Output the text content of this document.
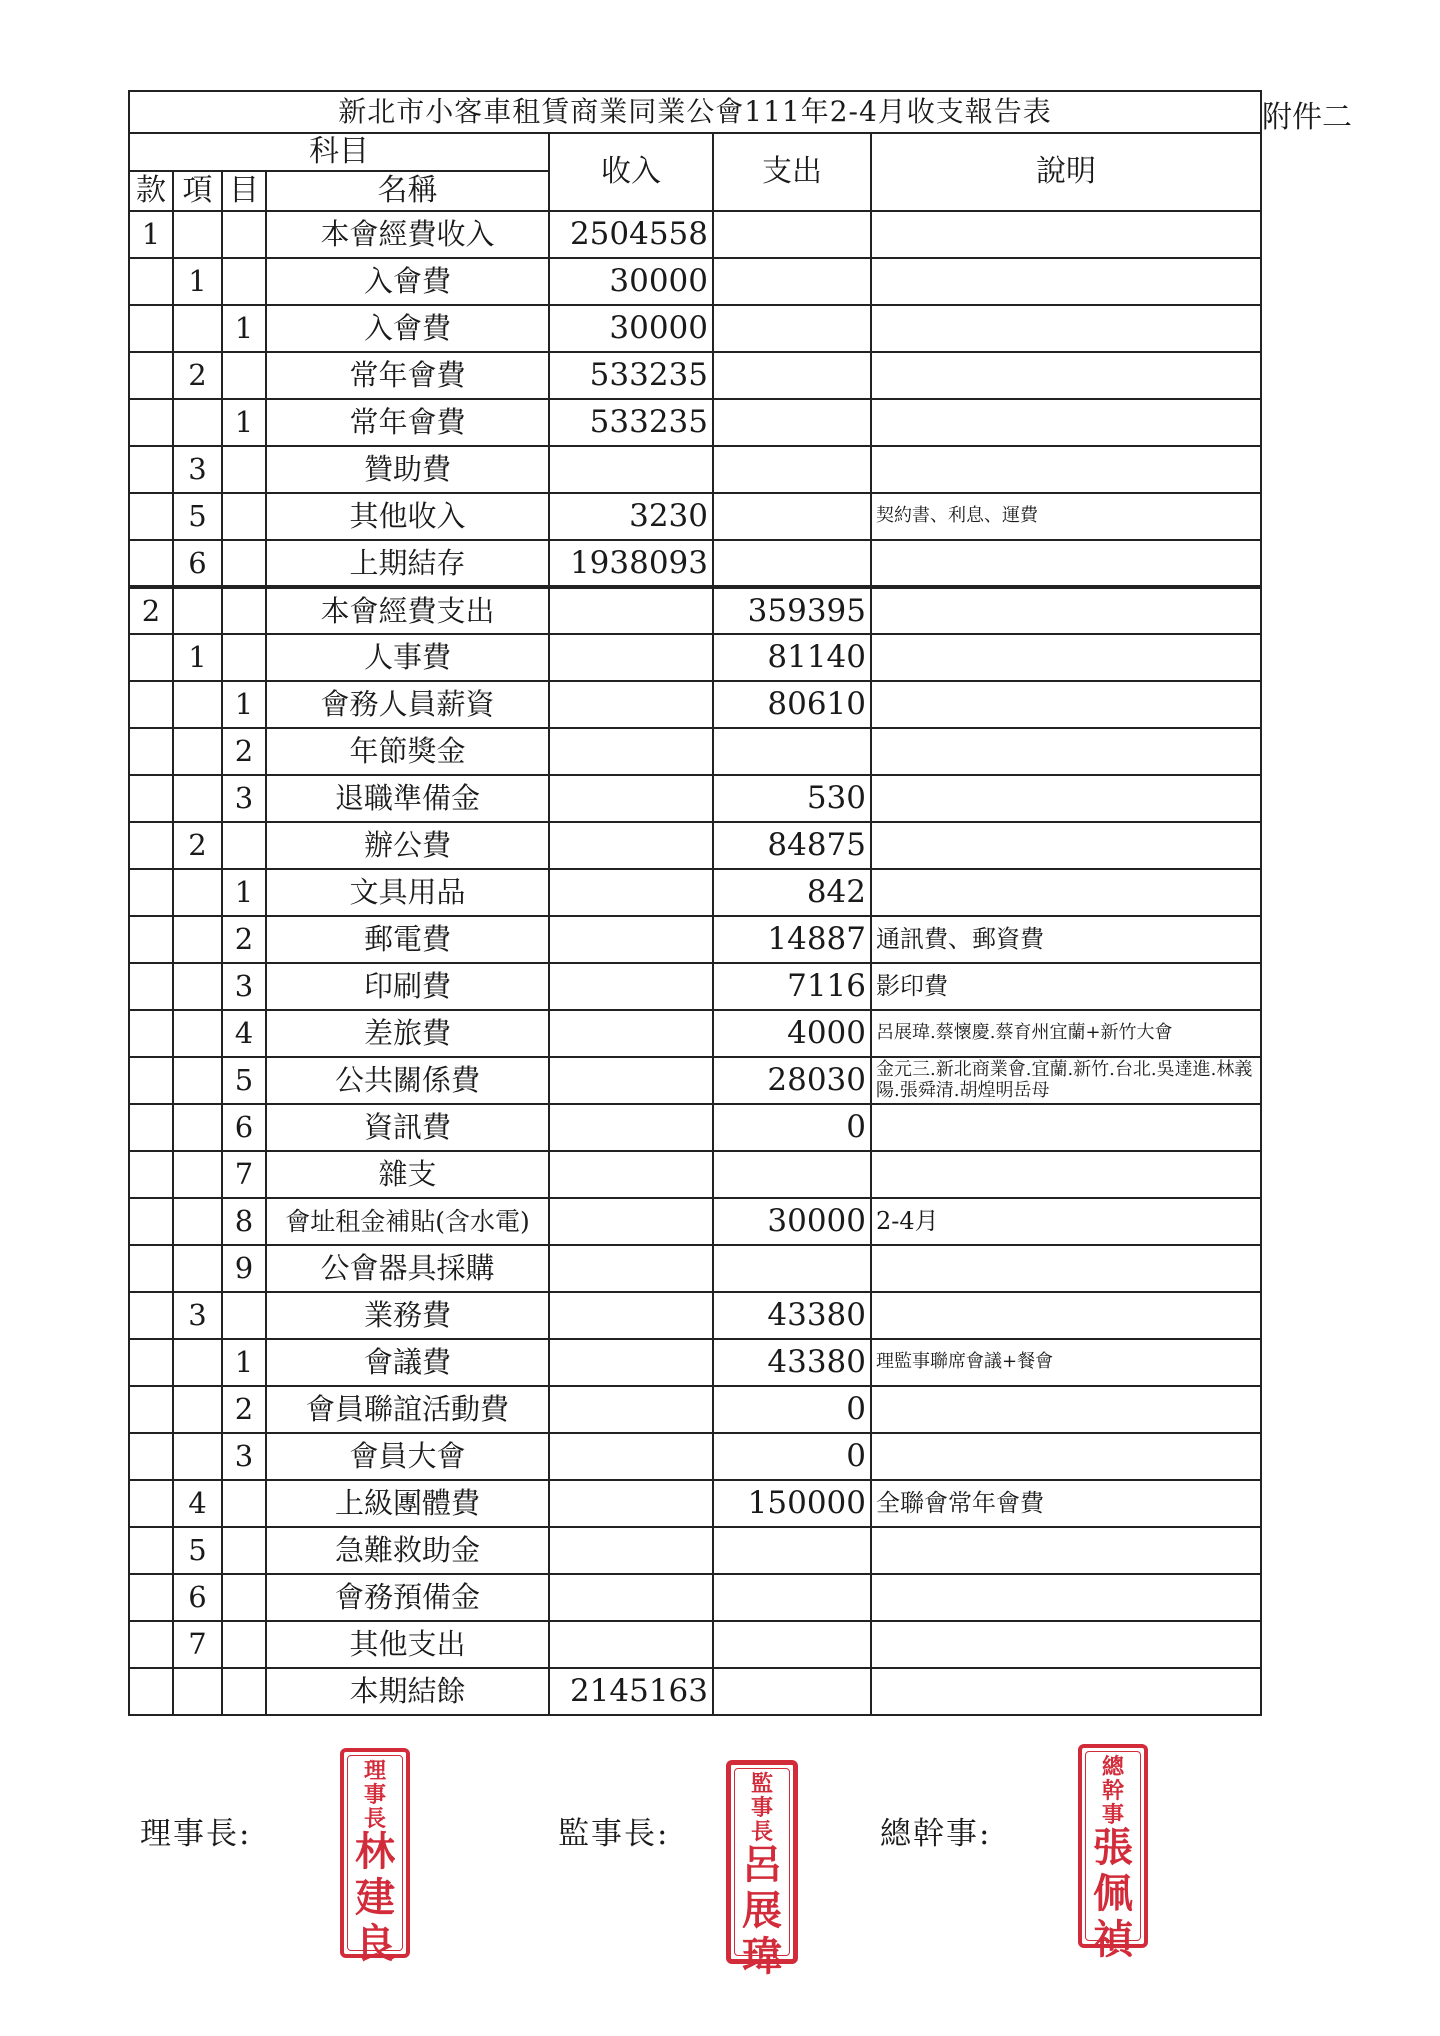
附件二
新北市小客車租賃商業同業公會111年2-4月收支報告表						
科目				收入	支出	說明
款	項	目	名稱			
1			本會經費收入	2504558		
	1		入會費	30000		
		1	入會費	30000		
	2		常年會費	533235		
		1	常年會費	533235		
	3		贊助費			
	5		其他收入	3230		契約書、利息、運費
	6		上期結存	1938093		
2			本會經費支出		359395	
	1		人事費		81140	
		1	會務人員薪資		80610	
		2	年節獎金			
		3	退職準備金		530	
	2		辦公費		84875	
		1	文具用品		842	
		2	郵電費		14887	通訊費、郵資費
		3	印刷費		7116	影印費
		4	差旅費		4000	呂展瑋.蔡懷慶.蔡育州宜蘭+新竹大會
		5	公共關係費		28030	金元三.新北商業會.宜蘭.新竹.台北.吳達進.林義陽.張舜清.胡煌明岳母
		6	資訊費		0	
		7	雜支			
		8	會址租金補貼(含水電)		30000	2-4月
		9	公會器具採購			
	3		業務費		43380	
		1	會議費		43380	理監事聯席會議+餐會
		2	會員聯誼活動費		0	
		3	會員大會		0	
	4		上級團體費		150000	全聯會常年會費
	5		急難救助金			
	6		會務預備金			
	7		其他支出			
			本期結餘	2145163		
理事長:
理
事
長
林
建
良
監事長:
監
事
長
呂
展
瑋
總幹事:
總
幹
事
張
佩
禎
